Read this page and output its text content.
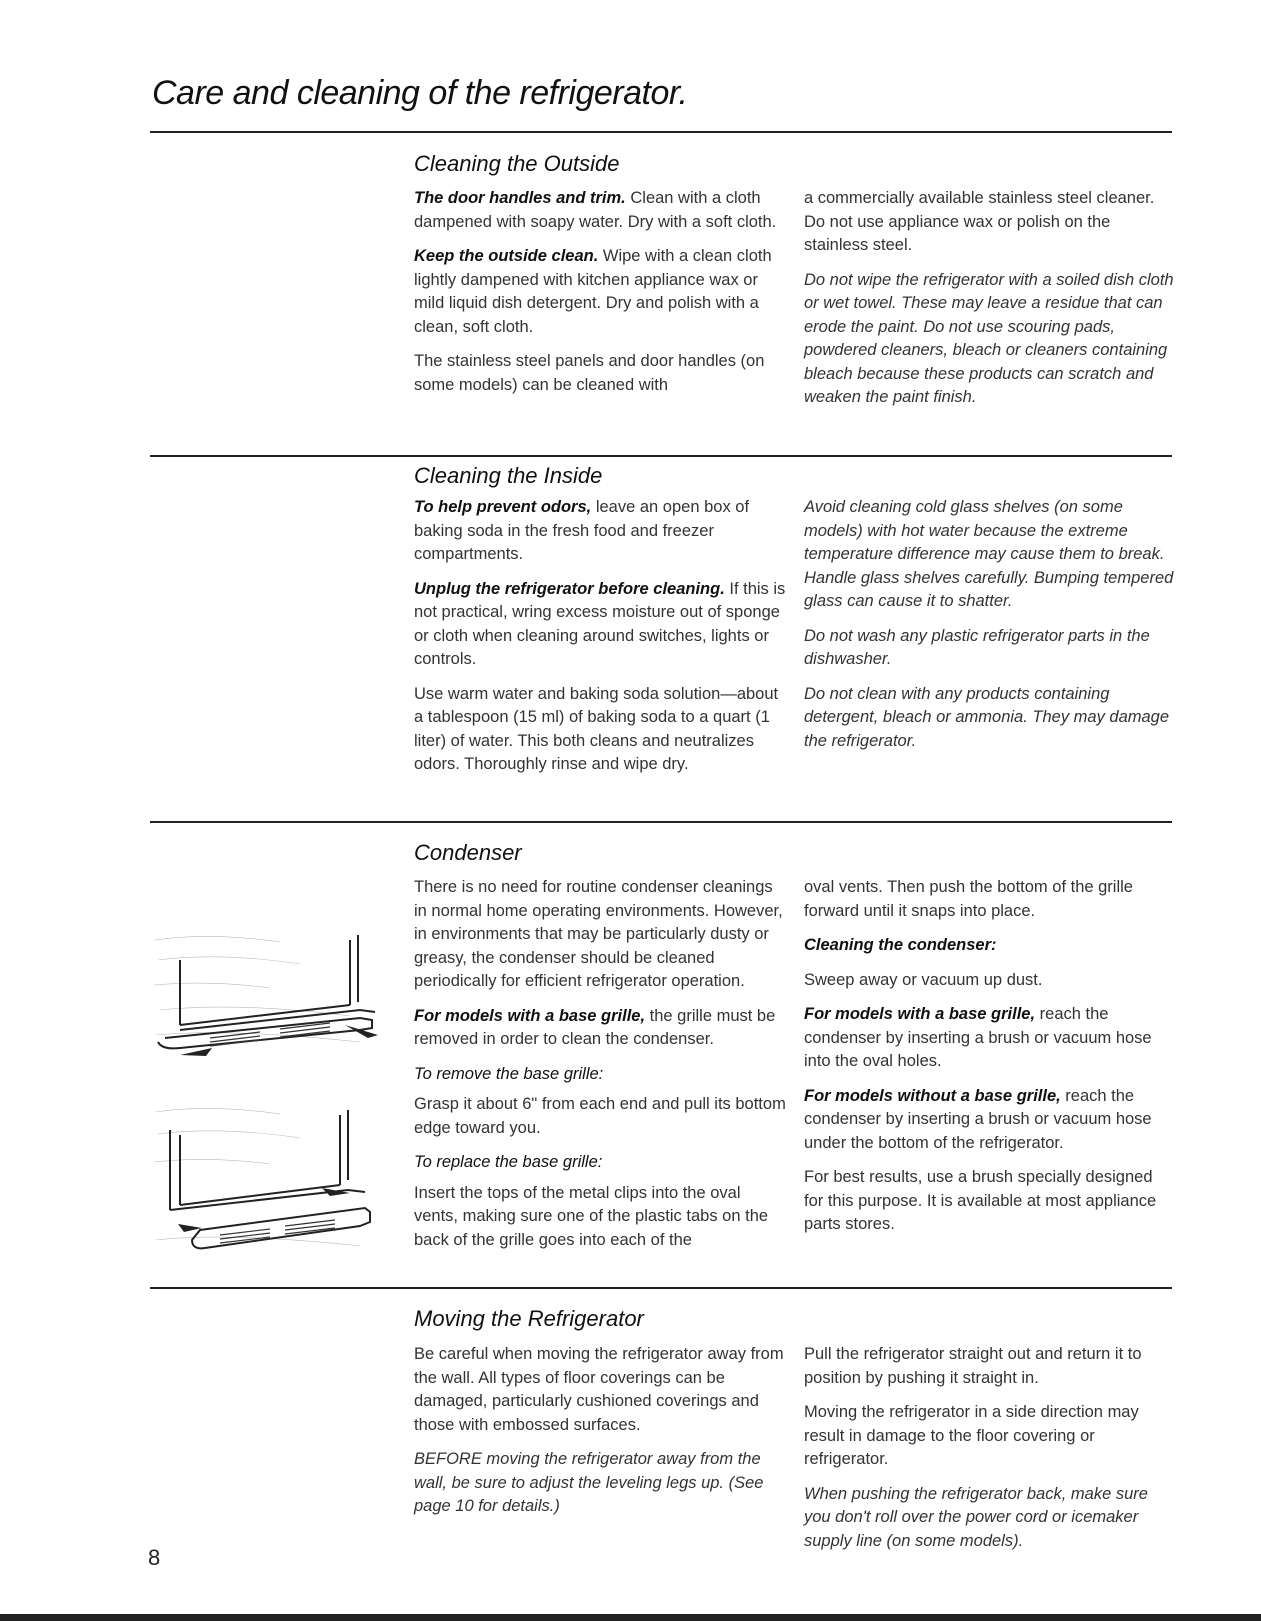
Care and cleaning of the refrigerator.
Cleaning the Outside

The door handles and trim. Clean with a cloth dampened with soapy water. Dry with a soft cloth.

Keep the outside clean. Wipe with a clean cloth lightly dampened with kitchen appliance wax or mild liquid dish detergent. Dry and polish with a clean, soft cloth.

The stainless steel panels and door handles (on some models) can be cleaned with

a commercially available stainless steel cleaner. Do not use appliance wax or polish on the stainless steel.

Do not wipe the refrigerator with a soiled dish cloth or wet towel. These may leave a residue that can erode the paint. Do not use scouring pads, powdered cleaners, bleach or cleaners containing bleach because these products can scratch and weaken the paint finish.

Cleaning the Inside

To help prevent odors, leave an open box of baking soda in the fresh food and freezer compartments.

Unplug the refrigerator before cleaning. If this is not practical, wring excess moisture out of sponge or cloth when cleaning around switches, lights or controls.

Use warm water and baking soda solution—about a tablespoon (15 ml) of baking soda to a quart (1 liter) of water. This both cleans and neutralizes odors. Thoroughly rinse and wipe dry.

Avoid cleaning cold glass shelves (on some models) with hot water because the extreme temperature difference may cause them to break. Handle glass shelves carefully. Bumping tempered glass can cause it to shatter.

Do not wash any plastic refrigerator parts in the dishwasher.

Do not clean with any products containing detergent, bleach or ammonia. They may damage the refrigerator.

Condenser

There is no need for routine condenser cleanings in normal home operating environments. However, in environments that may be particularly dusty or greasy, the condenser should be cleaned periodically for efficient refrigerator operation.

For models with a base grille, the grille must be removed in order to clean the condenser.

To remove the base grille:

Grasp it about 6" from each end and pull its bottom edge toward you.

To replace the base grille:

Insert the tops of the metal clips into the oval vents, making sure one of the plastic tabs on the back of the grille goes into each of the

oval vents. Then push the bottom of the grille forward until it snaps into place.

Cleaning the condenser:

Sweep away or vacuum up dust.

For models with a base grille, reach the condenser by inserting a brush or vacuum hose into the oval holes.

For models without a base grille, reach the condenser by inserting a brush or vacuum hose under the bottom of the refrigerator.

For best results, use a brush specially designed for this purpose. It is available at most appliance parts stores.

Moving the Refrigerator

Be careful when moving the refrigerator away from the wall. All types of floor coverings can be damaged, particularly cushioned coverings and those with embossed surfaces.

BEFORE moving the refrigerator away from the wall, be sure to adjust the leveling legs up. (See page 10 for details.)

Pull the refrigerator straight out and return it to position by pushing it straight in.

Moving the refrigerator in a side direction may result in damage to the floor covering or refrigerator.

When pushing the refrigerator back, make sure you don't roll over the power cord or icemaker supply line (on some models).

8
